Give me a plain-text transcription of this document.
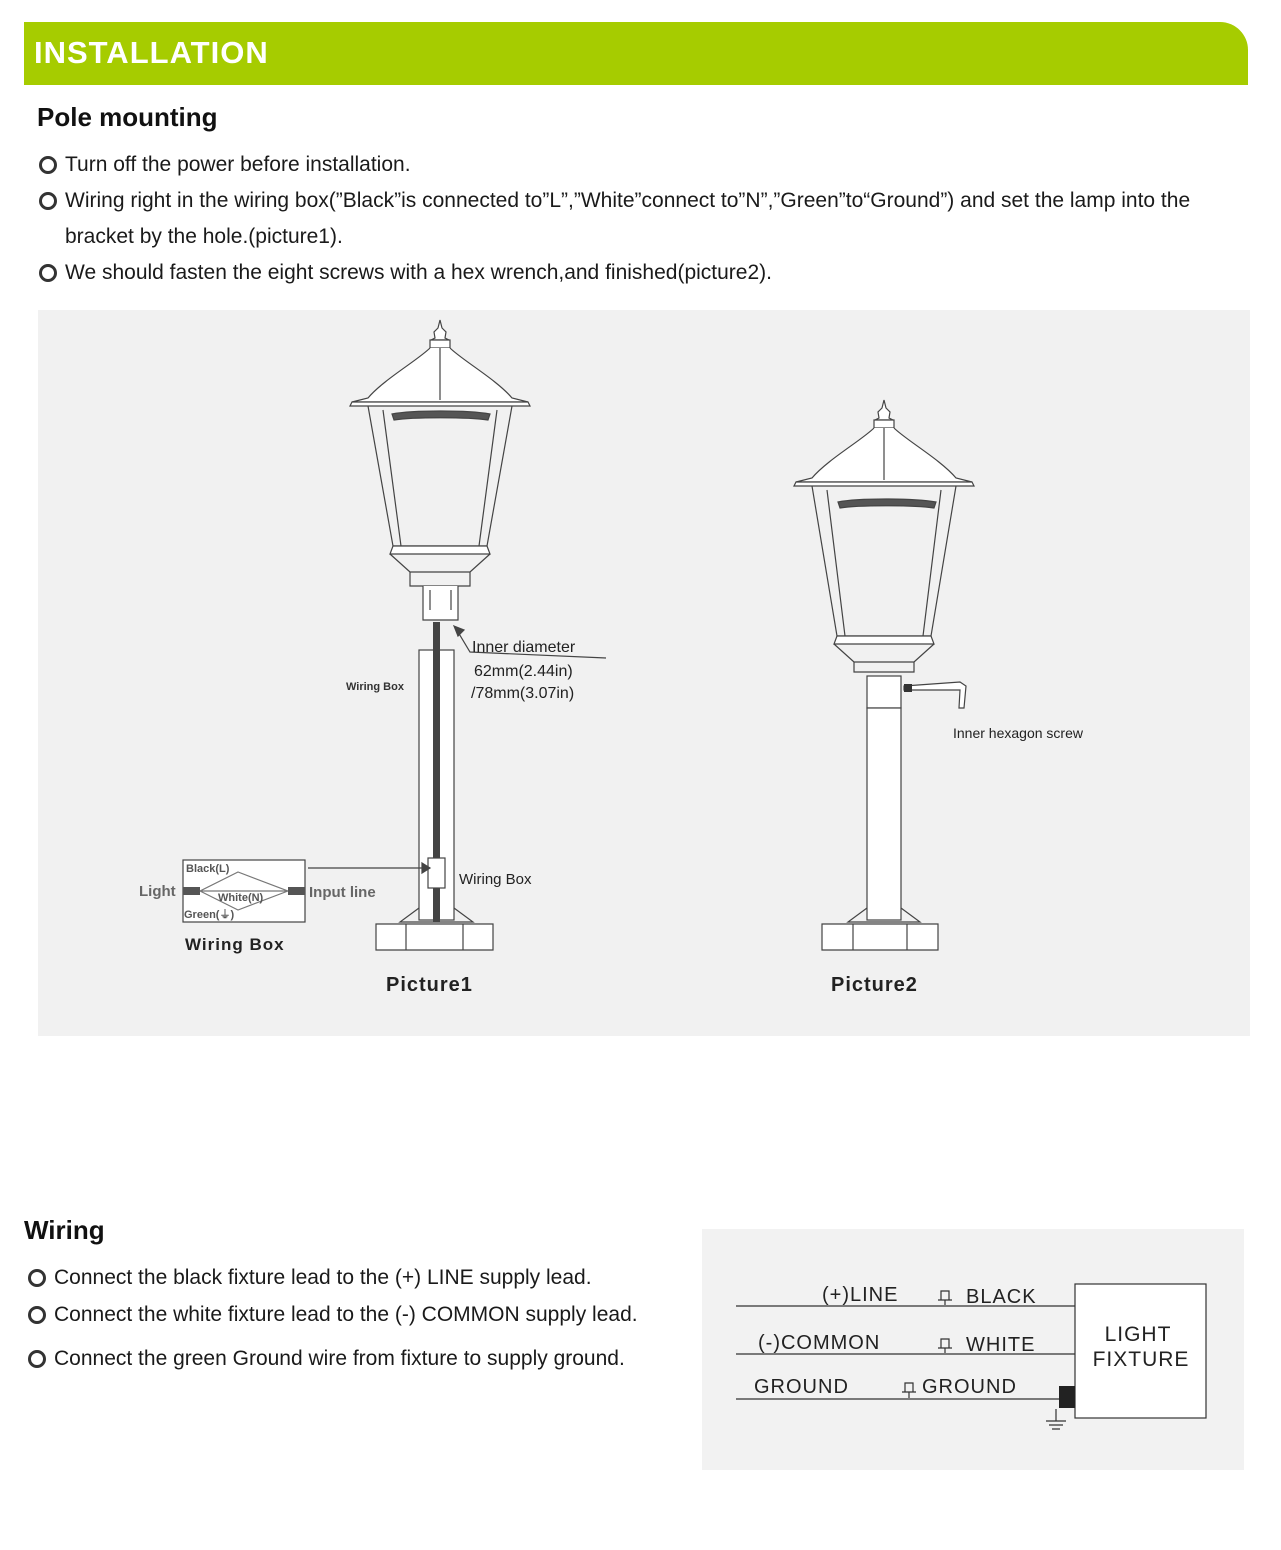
INSTALLATION
Pole mounting
Turn off the power before installation.
Wiring right in the wiring box(”Black”is connected to”L”,”White”connect to”N”,”Green”to“Ground”) and set the lamp into the bracket by the hole.(picture1).
We should fasten the eight screws with a hex wrench,and finished(picture2).
Inner diameter
62mm(2.44in)
/78mm(3.07in)
Wiring Box
Wiring Box
Black(L)
White(N)
Green(⏚)
Light	Input line
Wiring Box
Picture1
Inner hexagon screw
Picture2
Wiring
Connect the black fixture lead to the (+) LINE supply lead.
Connect the white fixture lead to the (-) COMMON supply lead.
Connect the green Ground wire from fixture to supply ground.
(+)LINE	BLACK
(-)COMMON	WHITE
GROUND	GROUND
LIGHT
FIXTURE
